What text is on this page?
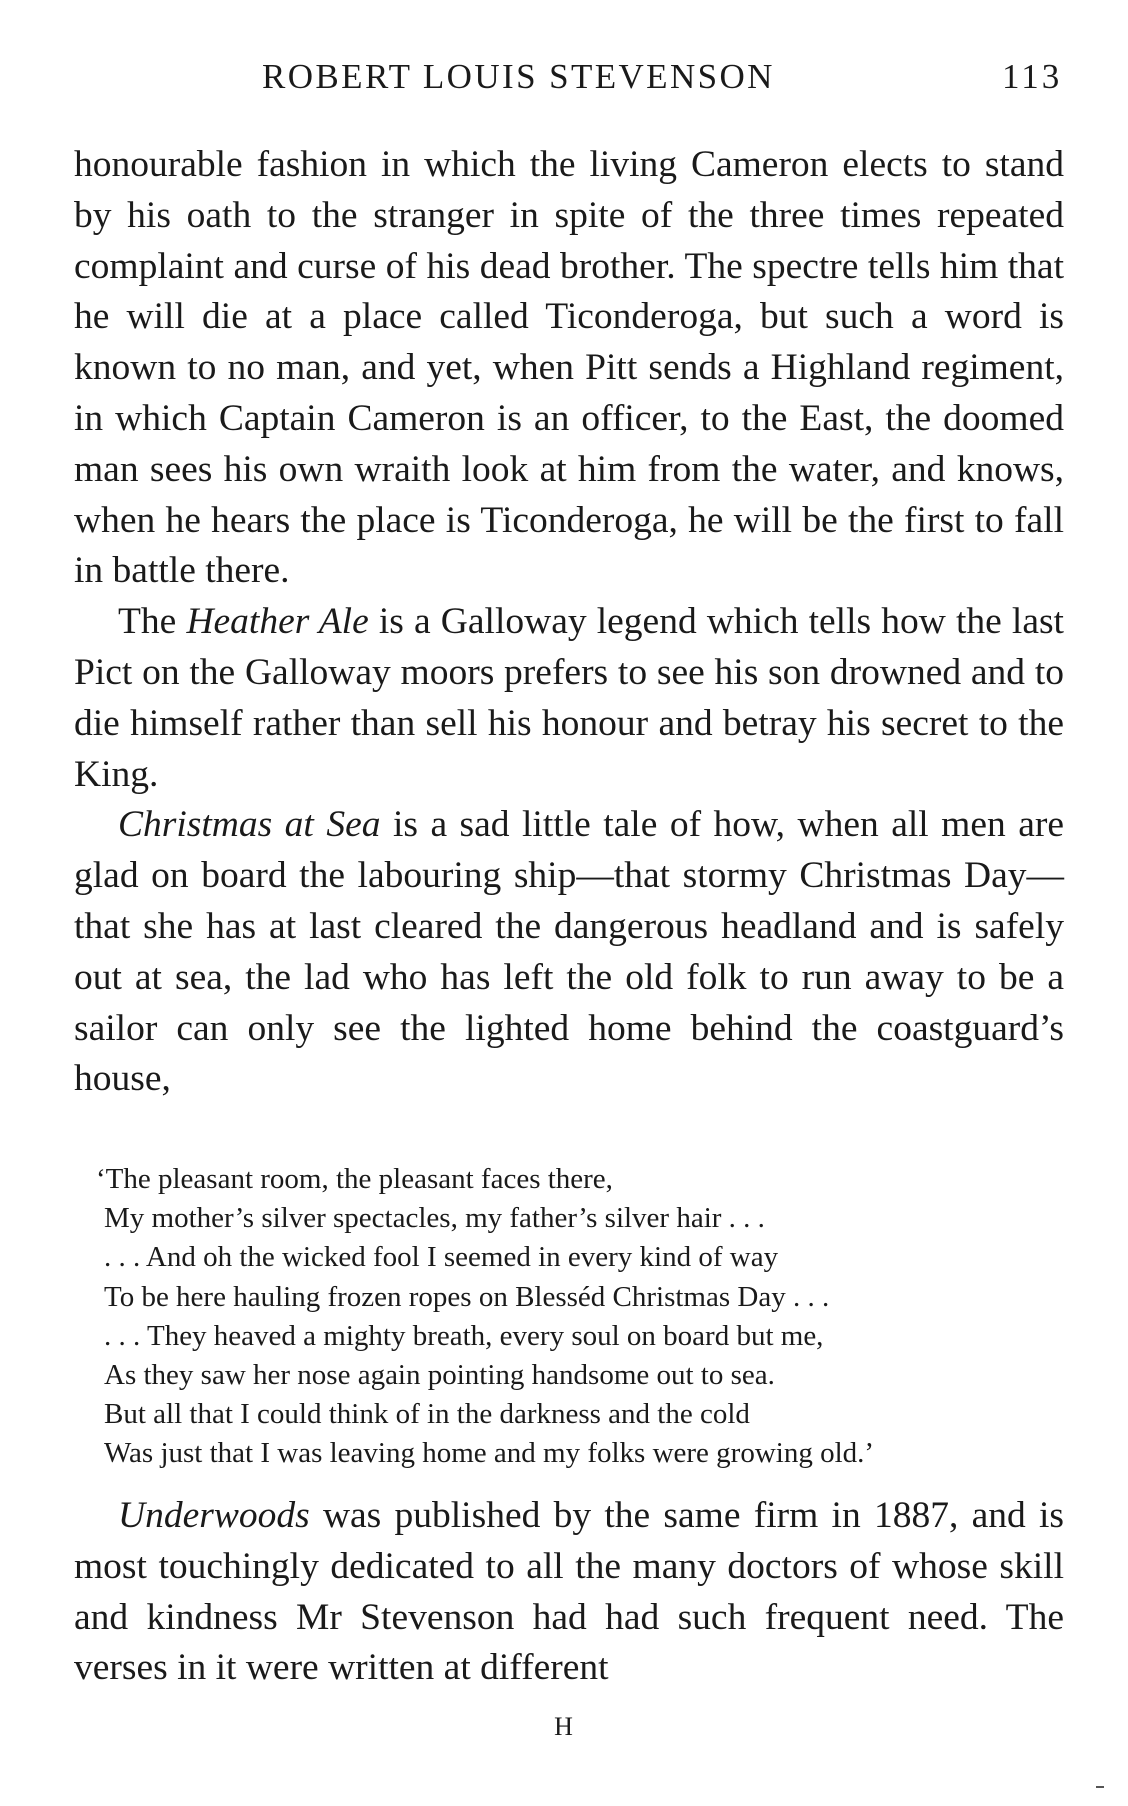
ROBERT LOUIS STEVENSON	113

honourable fashion in which the living Cameron elects to stand by his oath to the stranger in spite of the three times repeated complaint and curse of his dead brother. The spectre tells him that he will die at a place called Ticonderoga, but such a word is known to no man, and yet, when Pitt sends a Highland regiment, in which Captain Cameron is an officer, to the East, the doomed man sees his own wraith look at him from the water, and knows, when he hears the place is Ticonderoga, he will be the first to fall in battle there.

The Heather Ale is a Galloway legend which tells how the last Pict on the Galloway moors prefers to see his son drowned and to die himself rather than sell his honour and betray his secret to the King.

Christmas at Sea is a sad little tale of how, when all men are glad on board the labouring ship—that stormy Christmas Day—that she has at last cleared the dangerous headland and is safely out at sea, the lad who has left the old folk to run away to be a sailor can only see the lighted home behind the coastguard’s house,

‘The pleasant room, the pleasant faces there,
My mother’s silver spectacles, my father’s silver hair . . .
. . . And oh the wicked fool I seemed in every kind of way
To be here hauling frozen ropes on Blesséd Christmas Day . . .
. . . They heaved a mighty breath, every soul on board but me,
As they saw her nose again pointing handsome out to sea.
But all that I could think of in the darkness and the cold
Was just that I was leaving home and my folks were growing old.’

Underwoods was published by the same firm in 1887, and is most touchingly dedicated to all the many doctors of whose skill and kindness Mr Stevenson had had such frequent need. The verses in it were written at different

H
